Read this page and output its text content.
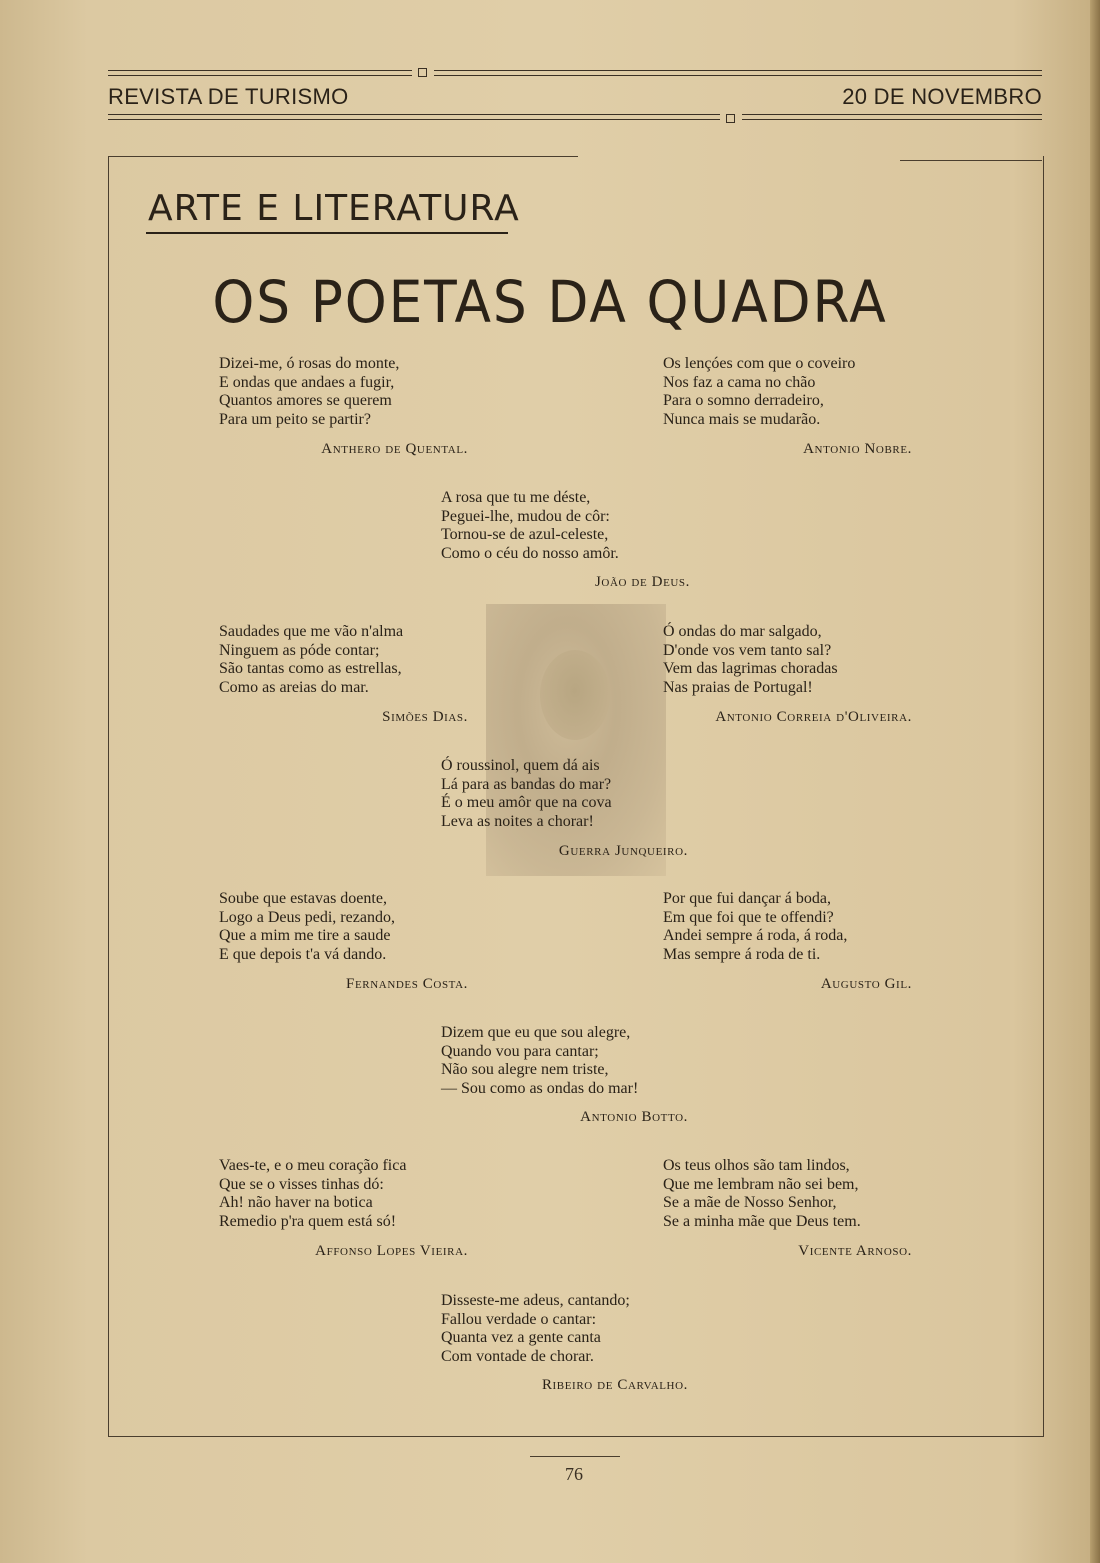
REVISTA DE TURISMO	20 DE NOVEMBRO
ARTE E LITERATURA
OS POETAS DA QUADRA
Dizei-me, ó rosas do monte,
E ondas que andaes a fugir,
Quantos amores se querem
Para um peito se partir?
Anthero de Quental.
Os lençóes com que o coveiro
Nos faz a cama no chão
Para o somno derradeiro,
Nunca mais se mudarão.
Antonio Nobre.
A rosa que tu me déste,
Peguei-lhe, mudou de côr:
Tornou-se de azul-celeste,
Como o céu do nosso amôr.
João de Deus.
Saudades que me vão n'alma
Ninguem as póde contar;
São tantas como as estrellas,
Como as areias do mar.
Simões Dias.
Ó ondas do mar salgado,
D'onde vos vem tanto sal?
Vem das lagrimas choradas
Nas praias de Portugal!
Antonio Correia d'Oliveira.
Ó roussinol, quem dá ais
Lá para as bandas do mar?
É o meu amôr que na cova
Leva as noites a chorar!
Guerra Junqueiro.
Soube que estavas doente,
Logo a Deus pedi, rezando,
Que a mim me tire a saude
E que depois t'a vá dando.
Fernandes Costa.
Por que fui dançar á boda,
Em que foi que te offendi?
Andei sempre á roda, á roda,
Mas sempre á roda de ti.
Augusto Gil.
Dizem que eu que sou alegre,
Quando vou para cantar;
Não sou alegre nem triste,
— Sou como as ondas do mar!
Antonio Botto.
Vaes-te, e o meu coração fica
Que se o visses tinhas dó:
Ah! não haver na botica
Remedio p'ra quem está só!
Affonso Lopes Vieira.
Os teus olhos são tam lindos,
Que me lembram não sei bem,
Se a mãe de Nosso Senhor,
Se a minha mãe que Deus tem.
Vicente Arnoso.
Disseste-me adeus, cantando;
Fallou verdade o cantar:
Quanta vez a gente canta
Com vontade de chorar.
Ribeiro de Carvalho.
76
